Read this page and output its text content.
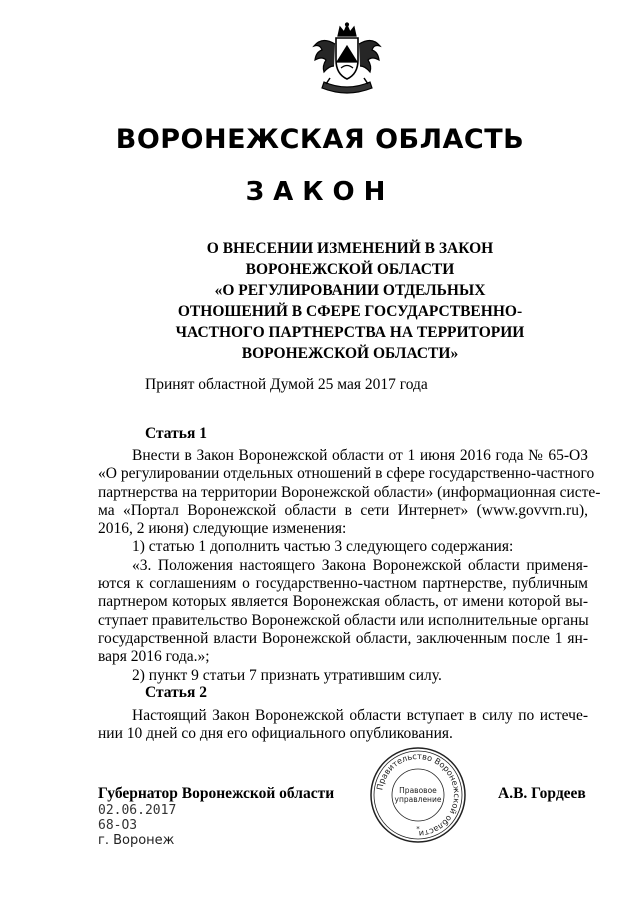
ВОРОНЕЖСКАЯ ОБЛАСТЬ
ЗАКОН
О ВНЕСЕНИИ ИЗМЕНЕНИЙ В ЗАКОН
ВОРОНЕЖСКОЙ ОБЛАСТИ
«О РЕГУЛИРОВАНИИ ОТДЕЛЬНЫХ
ОТНОШЕНИЙ В СФЕРЕ ГОСУДАРСТВЕННО-
ЧАСТНОГО ПАРТНЕРСТВА НА ТЕРРИТОРИИ
ВОРОНЕЖСКОЙ ОБЛАСТИ»
Принят областной Думой 25 мая 2017 года
Статья 1
Внести в Закон Воронежской области от 1 июня 2016 года № 65-ОЗ
«О регулировании отдельных отношений в сфере государственно-частного
партнерства на территории Воронежской области» (информационная систе-
ма «Портал Воронежской области в сети Интернет» (www.govvrn.ru),
2016, 2 июня) следующие изменения:
1) статью 1 дополнить частью 3 следующего содержания:
«3. Положения настоящего Закона Воронежской области применя-
ются к соглашениям о государственно-частном партнерстве, публичным
партнером которых является Воронежская область, от имени которой вы-
ступает правительство Воронежской области или исполнительные органы
государственной власти Воронежской области, заключенным после 1 ян-
варя 2016 года.»;
2) пункт 9 статьи 7 признать утратившим силу.
Статья 2
Настоящий Закон Воронежской области вступает в силу по истече-
нии 10 дней со дня его официального опубликования.
Губернатор Воронежской области
02.06.2017
68-ОЗ
г. Воронеж
Правительство Воронежской области
Правовое
управление
*
А.В. Гордеев
